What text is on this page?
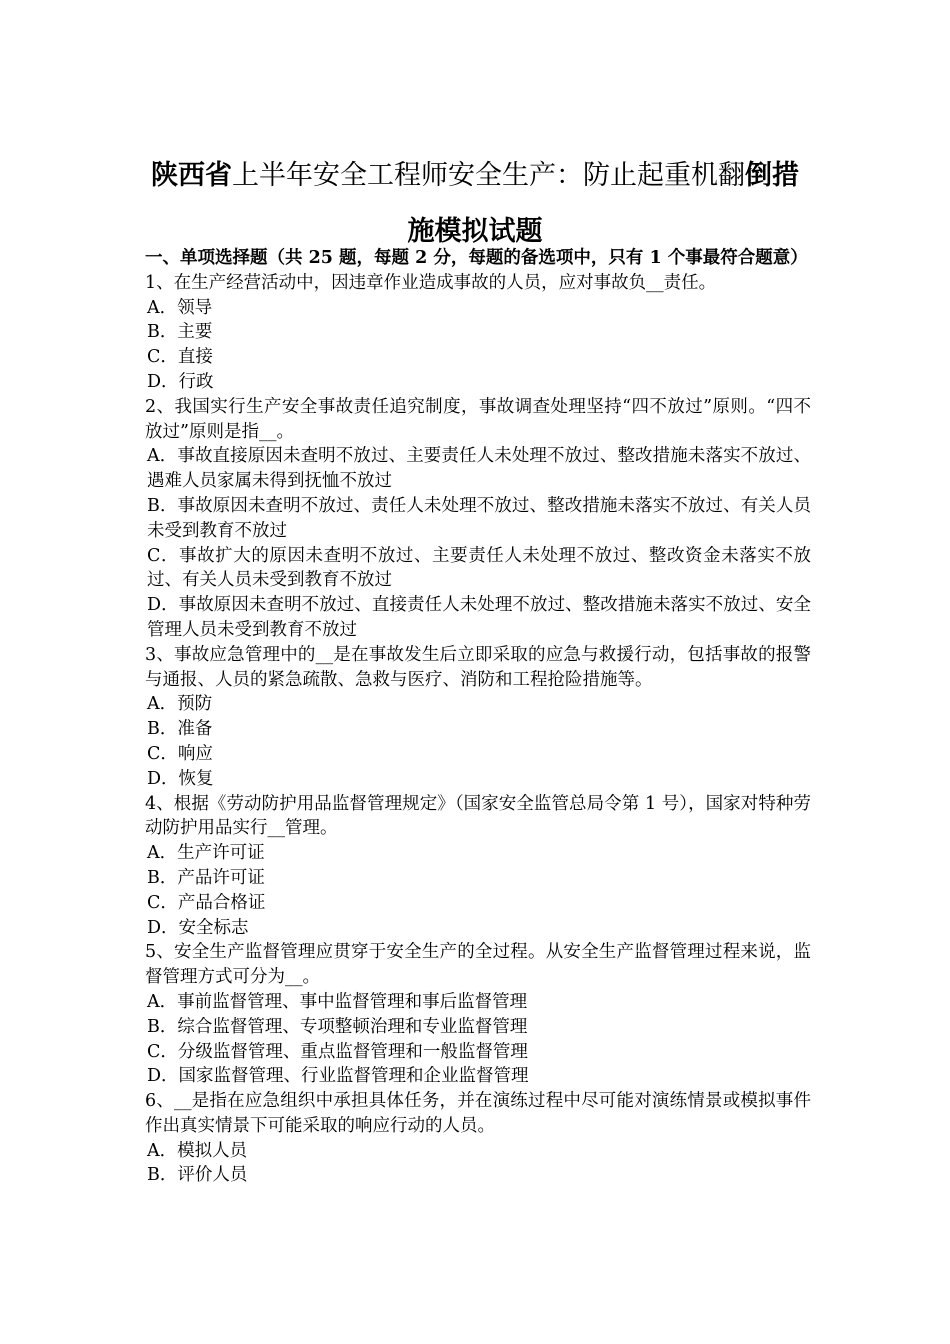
陕西省上半年安全工程师安全生产：防止起重机翻倒措施模拟试题
一、单项选择题（共 25 题，每题 2 分，每题的备选项中，只有 1 个事最符合题意）
1、在生产经营活动中，因违章作业造成事故的人员，应对事故负__责任。
A．领导
B．主要
C．直接
D．行政
2、我国实行生产安全事故责任追究制度，事故调查处理坚持“四不放过”原则。“四不放过”原则是指__。
A．事故直接原因未查明不放过、主要责任人未处理不放过、整改措施未落实不放过、遇难人员家属未得到抚恤不放过
B．事故原因未查明不放过、责任人未处理不放过、整改措施未落实不放过、有关人员未受到教育不放过
C．事故扩大的原因未查明不放过、主要责任人未处理不放过、整改资金未落实不放过、有关人员未受到教育不放过
D．事故原因未查明不放过、直接责任人未处理不放过、整改措施未落实不放过、安全管理人员未受到教育不放过
3、事故应急管理中的__是在事故发生后立即采取的应急与救援行动，包括事故的报警与通报、人员的紧急疏散、急救与医疗、消防和工程抢险措施等。
A．预防
B．准备
C．响应
D．恢复
4、根据《劳动防护用品监督管理规定》（国家安全监管总局令第 1 号），国家对特种劳动防护用品实行__管理。
A．生产许可证
B．产品许可证
C．产品合格证
D．安全标志
5、安全生产监督管理应贯穿于安全生产的全过程。从安全生产监督管理过程来说，监督管理方式可分为__。
A．事前监督管理、事中监督管理和事后监督管理
B．综合监督管理、专项整顿治理和专业监督管理
C．分级监督管理、重点监督管理和一般监督管理
D．国家监督管理、行业监督管理和企业监督管理
6、__是指在应急组织中承担具体任务，并在演练过程中尽可能对演练情景或模拟事件作出真实情景下可能采取的响应行动的人员。
A．模拟人员
B．评价人员
